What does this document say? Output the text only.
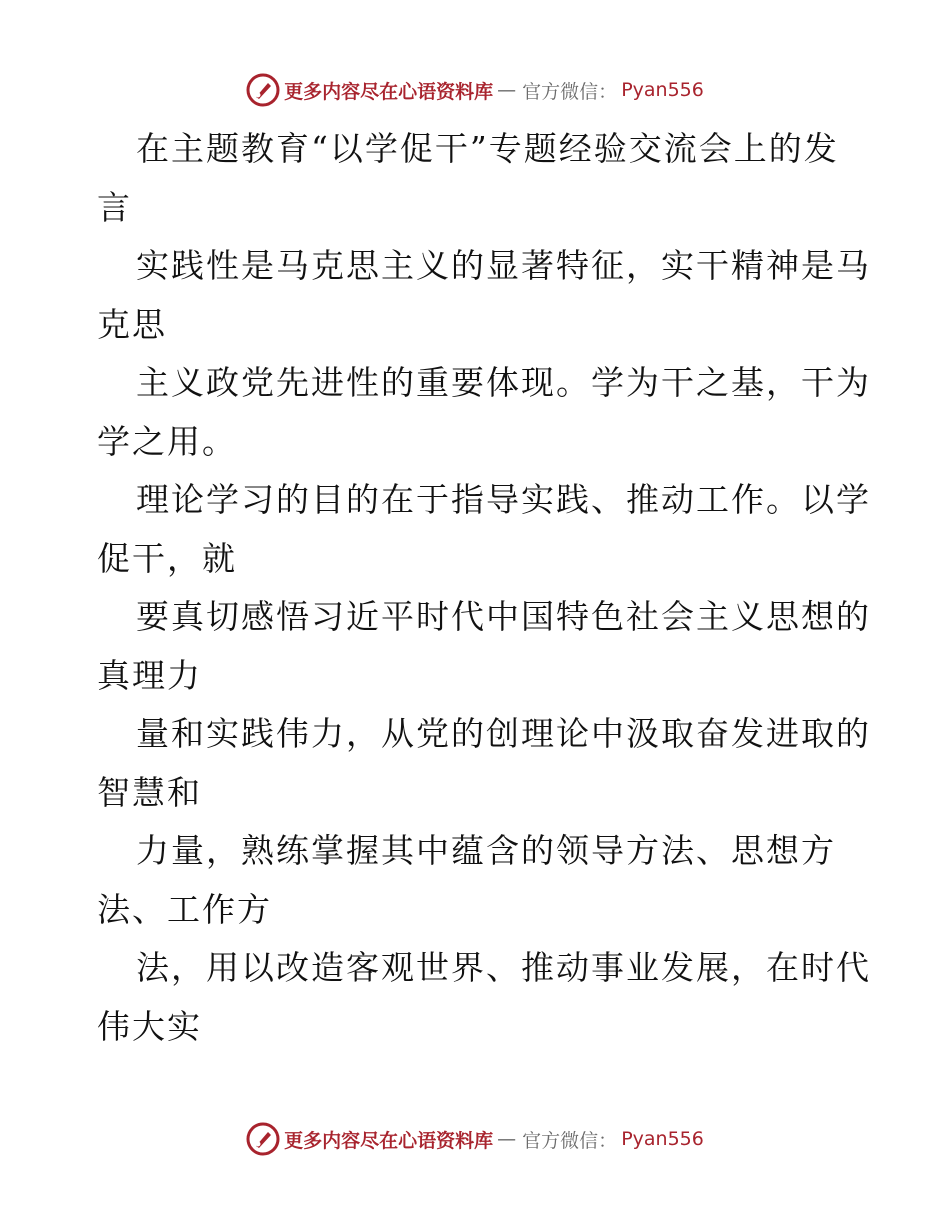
更多内容尽在心语资料库 — 官方微信： Pyan556
在主题教育“以学促干”专题经验交流会上的发
言
实践性是马克思主义的显著特征，实干精神是马
克思
主义政党先进性的重要体现。学为干之基，干为
学之用。
理论学习的目的在于指导实践、推动工作。以学
促干，就
要真切感悟习近平时代中国特色社会主义思想的
真理力
量和实践伟力，从党的创理论中汲取奋发进取的
智慧和
力量，熟练掌握其中蕴含的领导方法、思想方
法、工作方
法，用以改造客观世界、推动事业发展，在时代
伟大实
更多内容尽在心语资料库 — 官方微信： Pyan556
